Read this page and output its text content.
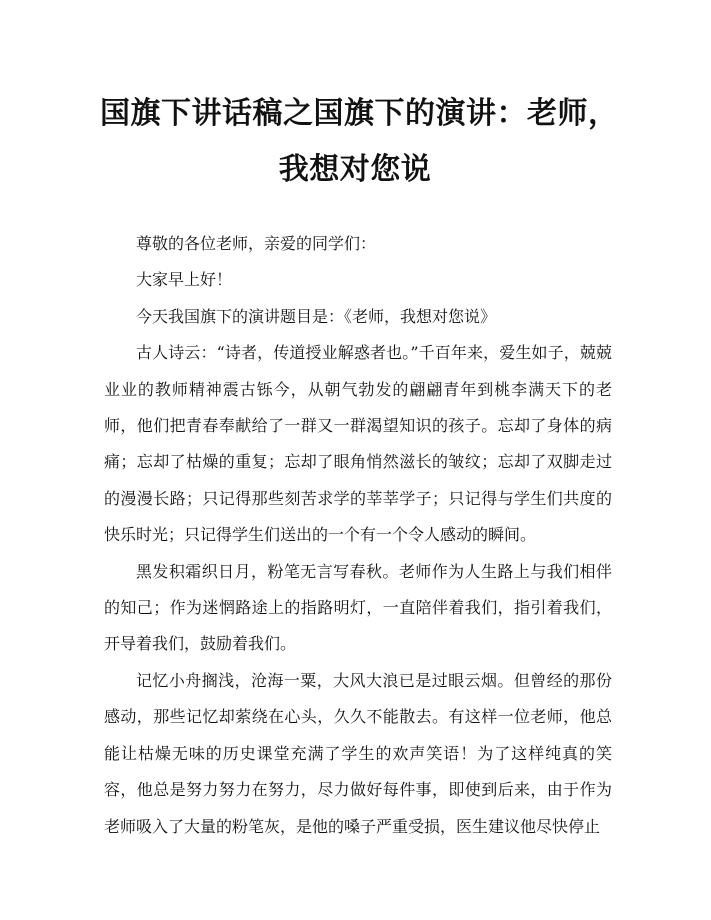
国旗下讲话稿之国旗下的演讲：老师，
我想对您说

尊敬的各位老师，亲爱的同学们：

大家早上好！

今天我国旗下的演讲题目是：《老师，我想对您说》

古人诗云：“诗者，传道授业解惑者也。”千百年来，爱生如子，兢兢业业的教师精神震古铄今，从朝气勃发的翩翩青年到桃李满天下的老师，他们把青春奉献给了一群又一群渴望知识的孩子。忘却了身体的病痛；忘却了枯燥的重复；忘却了眼角悄然滋长的皱纹；忘却了双脚走过的漫漫长路；只记得那些刻苦求学的莘莘学子；只记得与学生们共度的快乐时光；只记得学生们送出的一个有一个令人感动的瞬间。

黑发积霜织日月，粉笔无言写春秋。老师作为人生路上与我们相伴的知己；作为迷惘路途上的指路明灯，一直陪伴着我们，指引着我们，开导着我们，鼓励着我们。

记忆小舟搁浅，沧海一粟，大风大浪已是过眼云烟。但曾经的那份感动，那些记忆却萦绕在心头，久久不能散去。有这样一位老师，他总能让枯燥无味的历史课堂充满了学生的欢声笑语！为了这样纯真的笑容，他总是努力努力在努力，尽力做好每件事，即使到后来，由于作为老师吸入了大量的粉笔灰，是他的嗓子严重受损，医生建议他尽快停止
